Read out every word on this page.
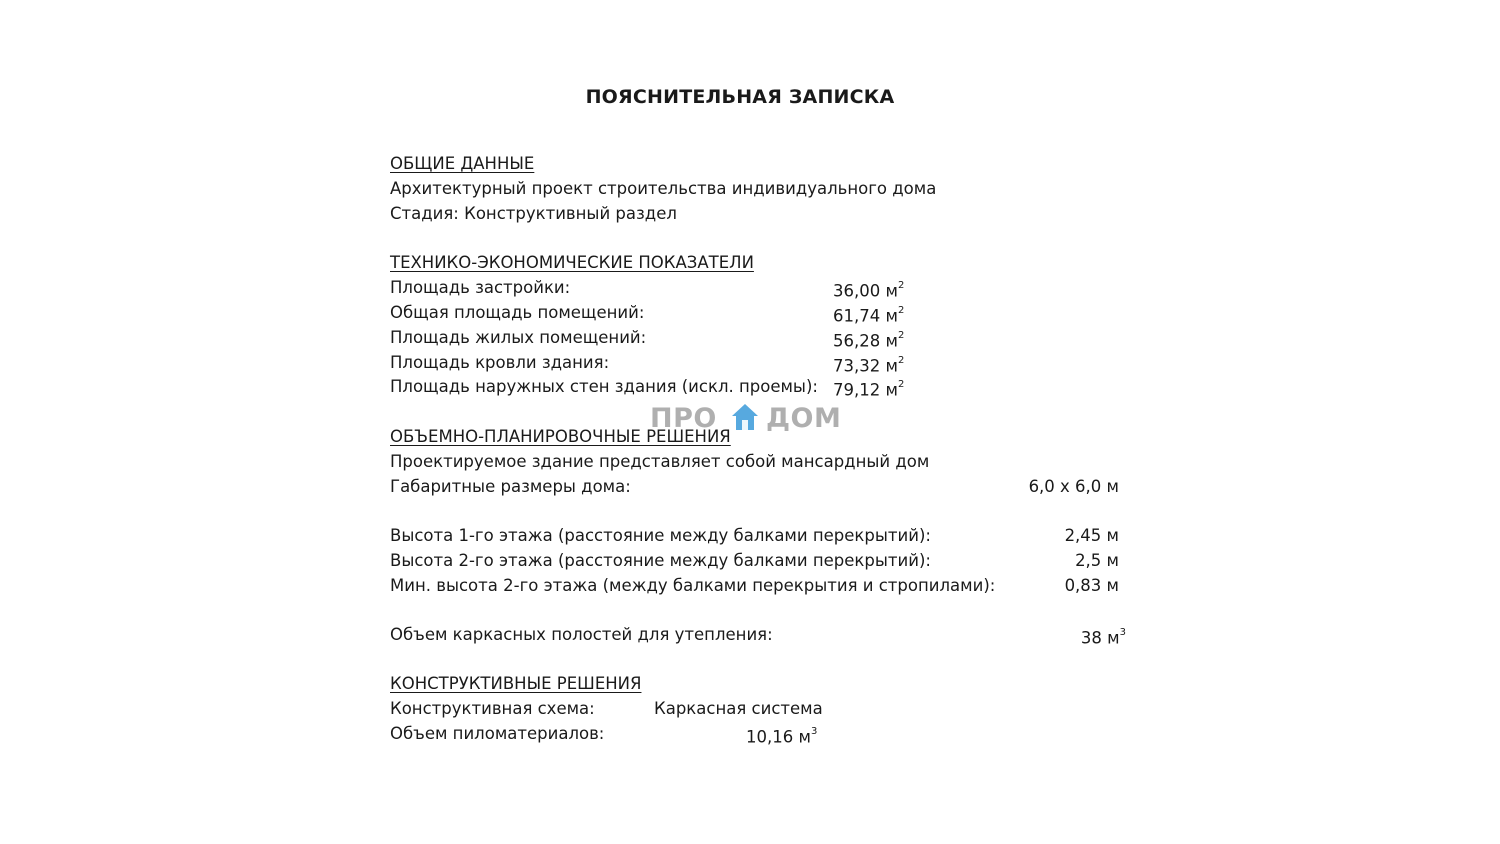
ПОЯСНИТЕЛЬНАЯ ЗАПИСКА
ОБЩИЕ ДАННЫЕ
Архитектурный проект строительства индивидуального дома
Стадия: Конструктивный раздел
ТЕХНИКО-ЭКОНОМИЧЕСКИЕ ПОКАЗАТЕЛИ
Площадь застройки:	36,00 $м^2$
Общая площадь помещений:	61,74 $м^2$
Площадь жилых помещений:	56,28 $м^2$
Площадь кровли здания:	73,32 $м^2$
Площадь наружных стен здания (искл. проемы): 79,12 $м^2$
ОБЪЕМНО-ПЛАНИРОВОЧНЫЕ РЕШЕНИЯ
Проектируемое здание представляет собой мансардный дом
Габаритные размеры дома:	6,0 х 6,0 м
Высота 1-го этажа (расстояние между балками перекрытий):	2,45 м
Высота 2-го этажа (расстояние между балками перекрытий):	2,5 м
Мин. высота 2-го этажа (между балками перекрытия и стропилами):	0,83 м
Объем каркасных полостей для утепления:	38 $м^3$
КОНСТРУКТИВНЫЕ РЕШЕНИЯ
Конструктивная схема:	Каркасная система
Объем пиломатериалов:	10,16 $м^3$
ПРО ДОМ
